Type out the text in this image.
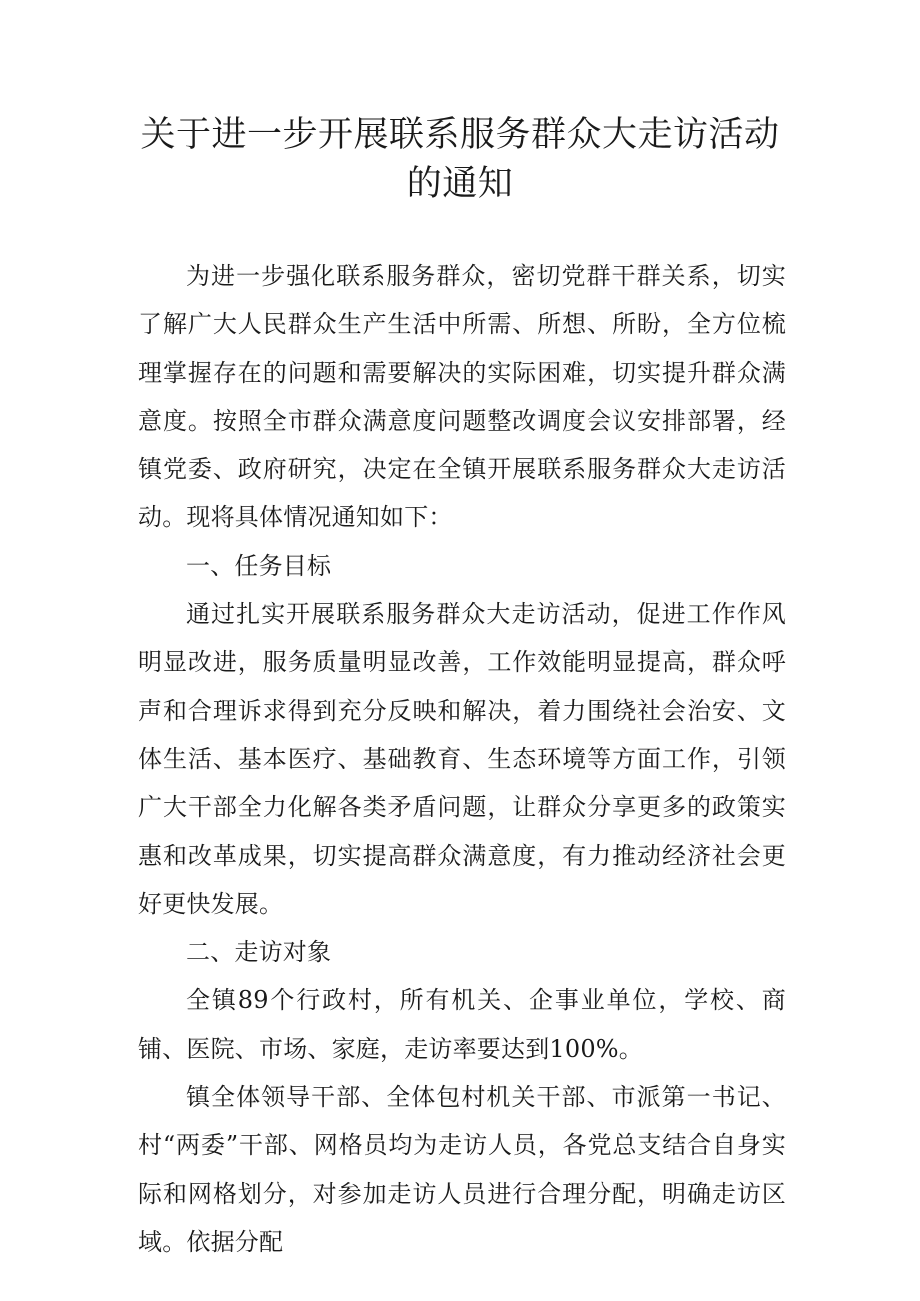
关于进一步开展联系服务群众大走访活动
的通知

为进一步强化联系服务群众，密切党群干群关系，切实了解广大人民群众生产生活中所需、所想、所盼，全方位梳理掌握存在的问题和需要解决的实际困难，切实提升群众满意度。按照全市群众满意度问题整改调度会议安排部署，经镇党委、政府研究，决定在全镇开展联系服务群众大走访活动。现将具体情况通知如下：

一、任务目标

通过扎实开展联系服务群众大走访活动，促进工作作风明显改进，服务质量明显改善，工作效能明显提高，群众呼声和合理诉求得到充分反映和解决，着力围绕社会治安、文体生活、基本医疗、基础教育、生态环境等方面工作，引领广大干部全力化解各类矛盾问题，让群众分享更多的政策实惠和改革成果，切实提高群众满意度，有力推动经济社会更好更快发展。

二、走访对象

全镇89个行政村，所有机关、企事业单位，学校、商铺、医院、市场、家庭，走访率要达到100%。

镇全体领导干部、全体包村机关干部、市派第一书记、村“两委”干部、网格员均为走访人员，各党总支结合自身实际和网格划分，对参加走访人员进行合理分配，明确走访区域。依据分配
